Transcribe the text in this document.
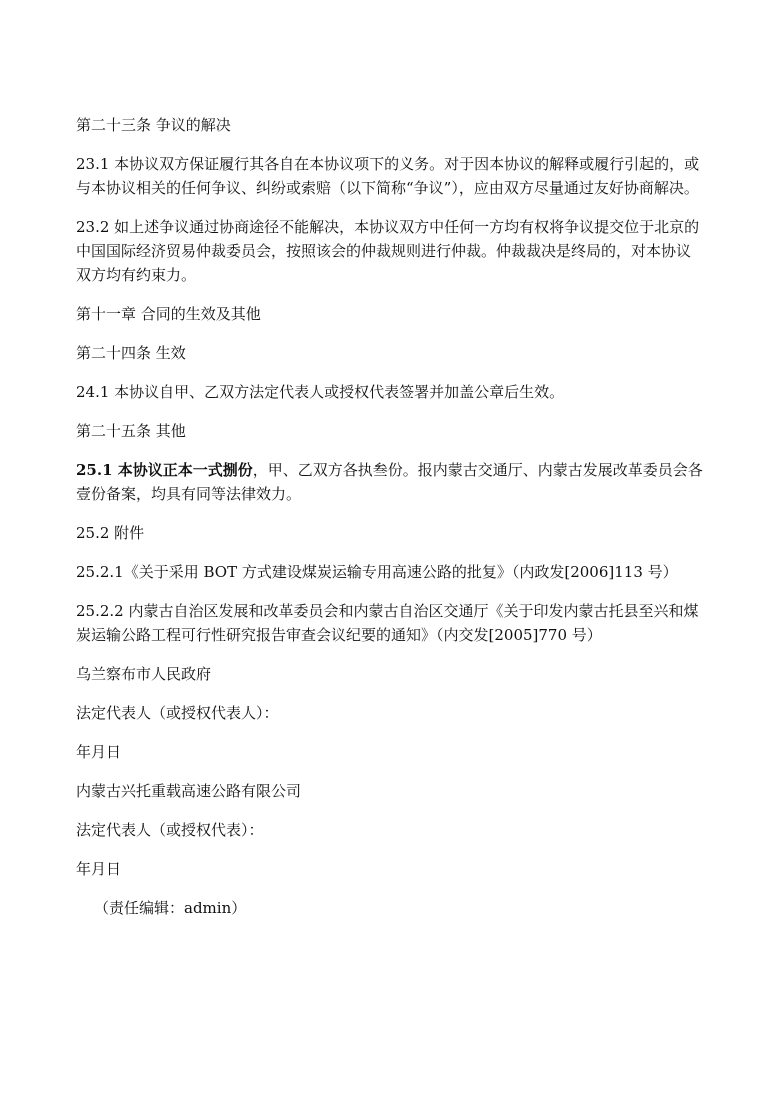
第二十三条 争议的解决

23.1 本协议双方保证履行其各自在本协议项下的义务。对于因本协议的解释或履行引起的，或与本协议相关的任何争议、纠纷或索赔（以下简称“争议”），应由双方尽量通过友好协商解决。

23.2 如上述争议通过协商途径不能解决，本协议双方中任何一方均有权将争议提交位于北京的中国国际经济贸易仲裁委员会，按照该会的仲裁规则进行仲裁。仲裁裁决是终局的，对本协议双方均有约束力。

第十一章 合同的生效及其他

第二十四条 生效

24.1 本协议自甲、乙双方法定代表人或授权代表签署并加盖公章后生效。

第二十五条 其他

25.1 本协议正本一式捌份，甲、乙双方各执叁份。报内蒙古交通厅、内蒙古发展改革委员会各壹份备案，均具有同等法律效力。

25.2 附件

25.2.1《关于采用 BOT 方式建设煤炭运输专用高速公路的批复》（内政发[2006]113 号）

25.2.2 内蒙古自治区发展和改革委员会和内蒙古自治区交通厅《关于印发内蒙古托县至兴和煤炭运输公路工程可行性研究报告审查会议纪要的通知》（内交发[2005]770 号）

乌兰察布市人民政府

法定代表人（或授权代表人）：

年月日

内蒙古兴托重载高速公路有限公司

法定代表人（或授权代表）：

年月日

（责任编辑：admin）
